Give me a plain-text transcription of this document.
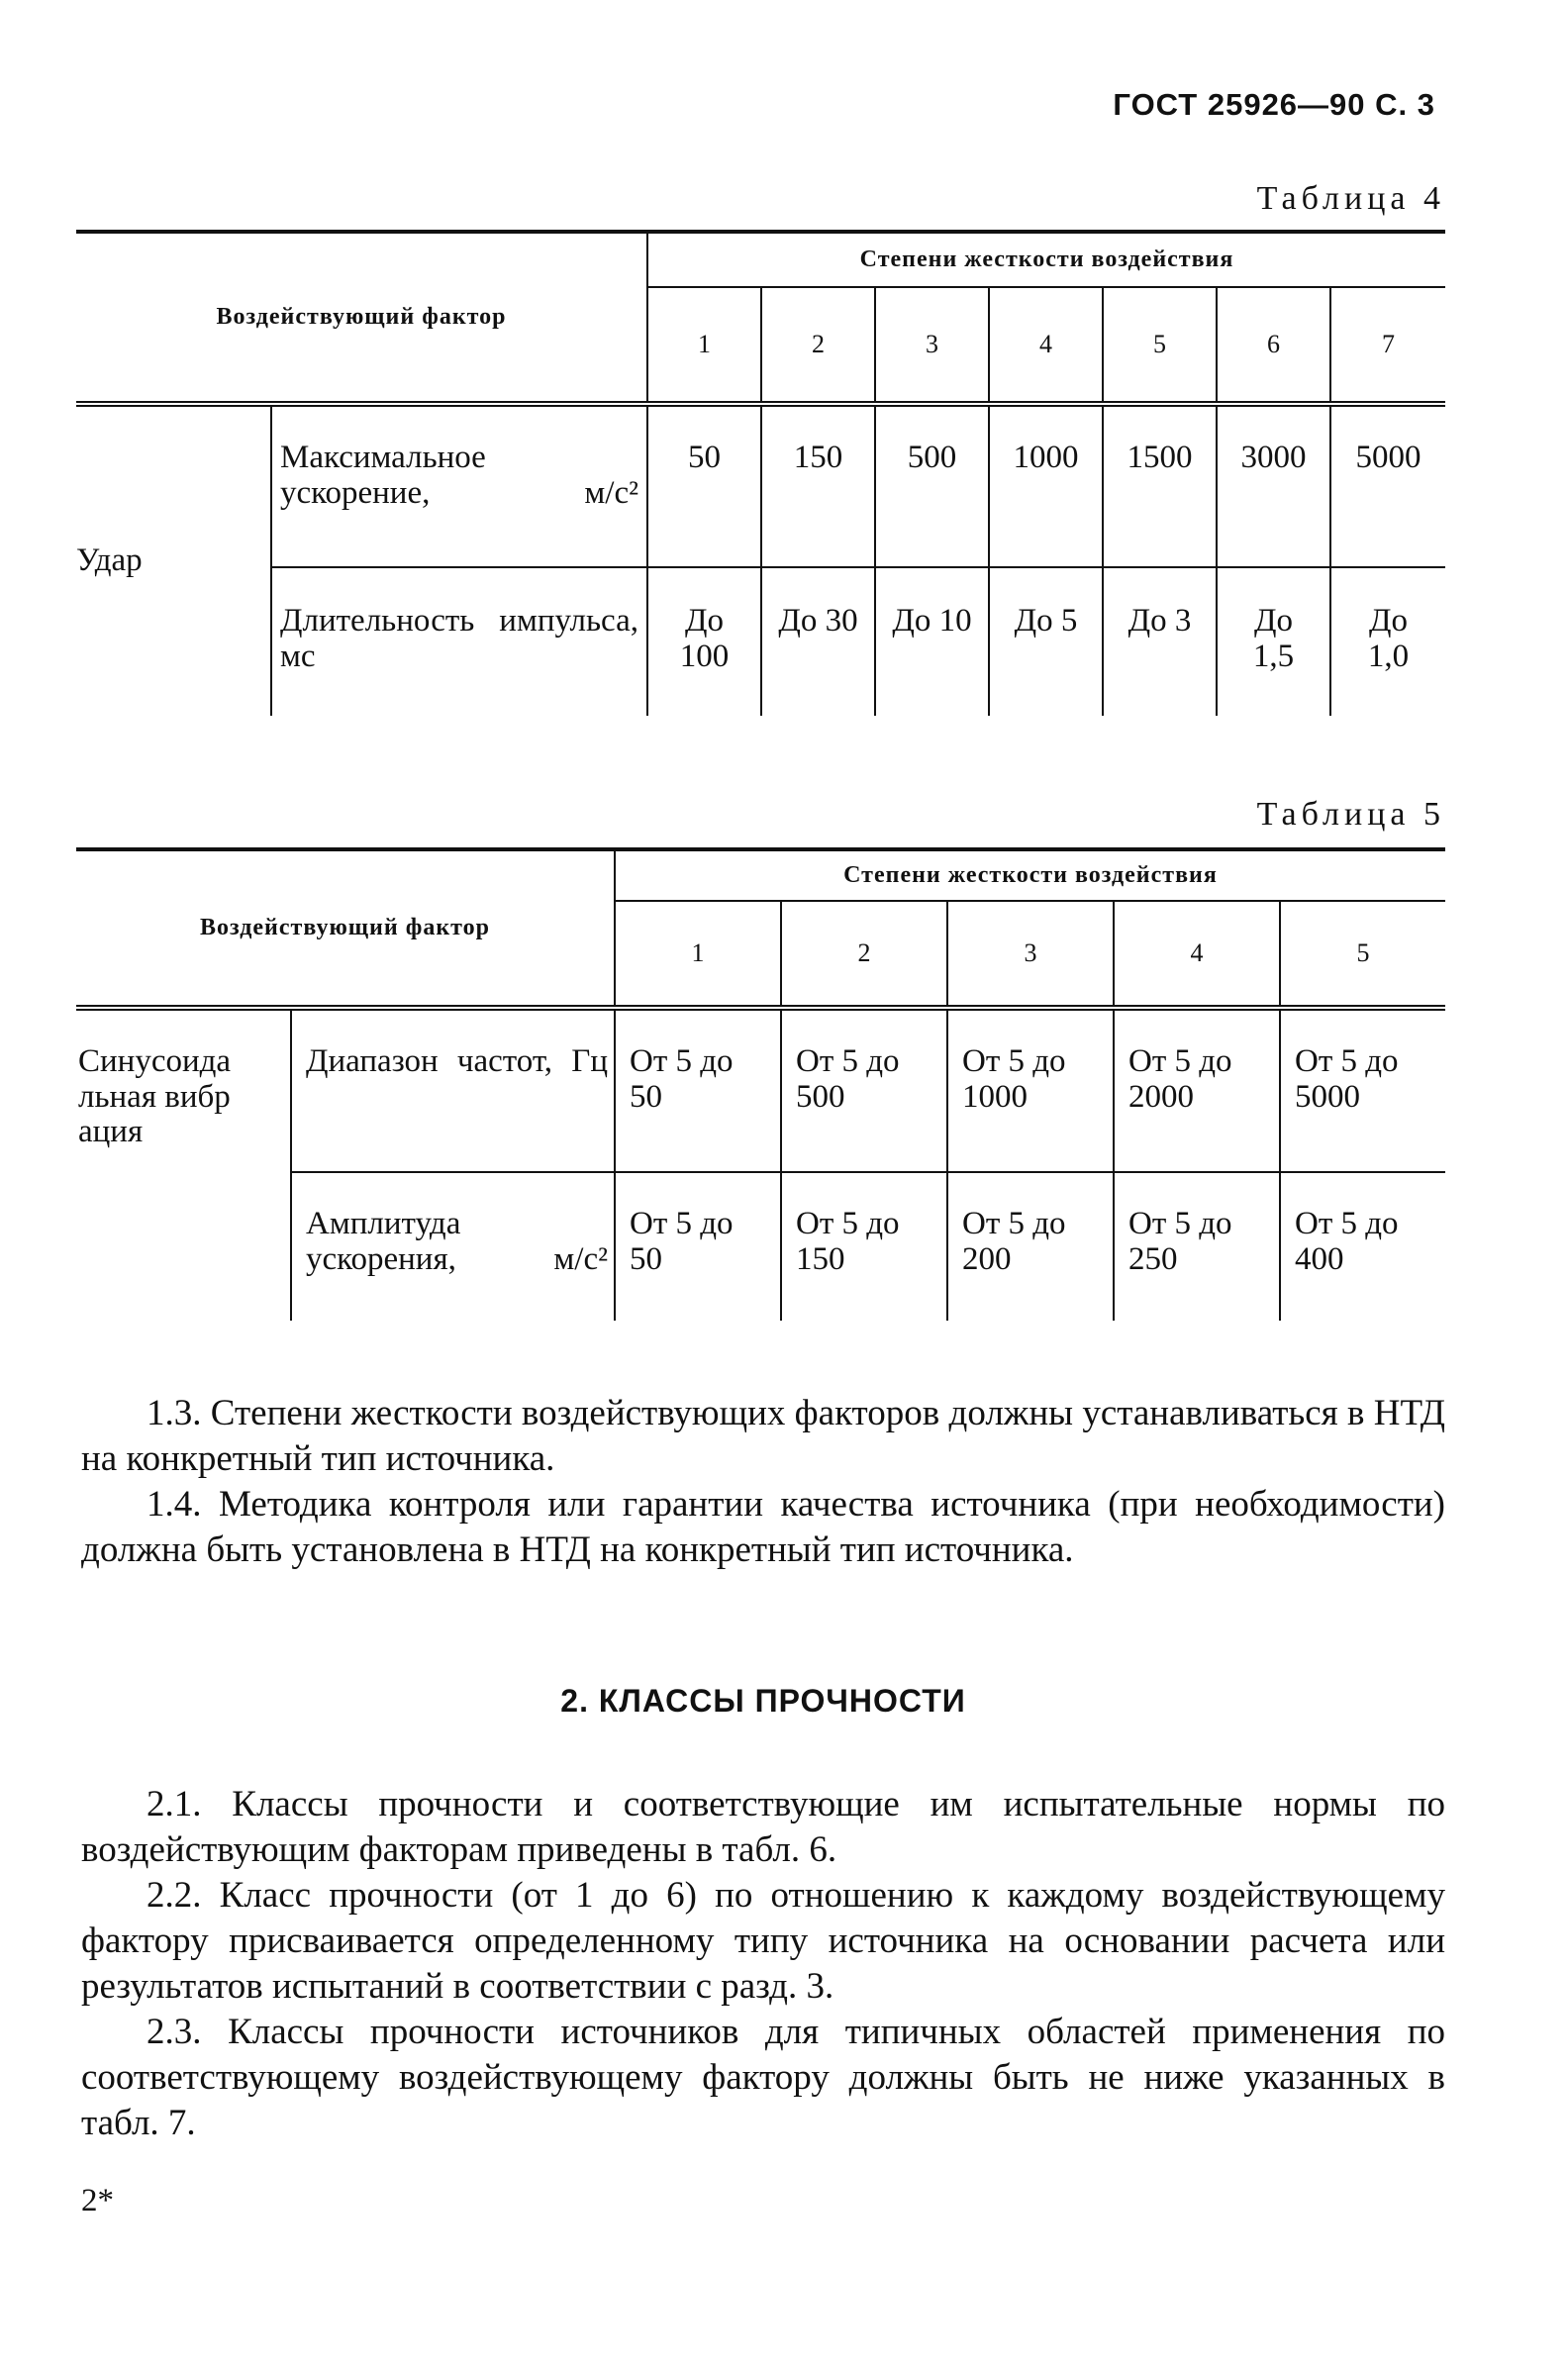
ГОСТ 25926—90 С. 3
Таблица 4
Воздействующий фактор		Степени жесткости воздействия						
		1	2	3	4	5	6	7
Удар	Максимальное ускорение, м/с²	50	150	500	1000	1500	3000	5000
	Длительность импульса, мс	До 100	До 30	До 10	До 5	До 3	До 1,5	До 1,0
Таблица 5
Воздействующий фактор		Степени жесткости воздействия				
		1	2	3	4	5

Синусоидальная вибрация	Диапазон частот, Гц	От 5 до 50	От 5 до 500	От 5 до 1000	От 5 до 2000	От 5 до 5000
	Амплитуда ускорения, м/с²	От 5 до 50	От 5 до 150	От 5 до 200	От 5 до 250	От 5 до 400

1.3. Степени жесткости воздействующих факторов должны устанавливаться в НТД на конкретный тип источника.

1.4. Методика контроля или гарантии качества источника (при необходимости) должна быть установлена в НТД на конкретный тип источника.

2. КЛАССЫ ПРОЧНОСТИ

2.1. Классы прочности и соответствующие им испытательные нормы по воздействующим факторам приведены в табл. 6.

2.2. Класс прочности (от 1 до 6) по отношению к каждому воздействующему фактору присваивается определенному типу источника на основании расчета или результатов испытаний в соответствии с разд. 3.

2.3. Классы прочности источников для типичных областей применения по соответствующему воздействующему фактору должны быть не ниже указанных в табл. 7.

2*
